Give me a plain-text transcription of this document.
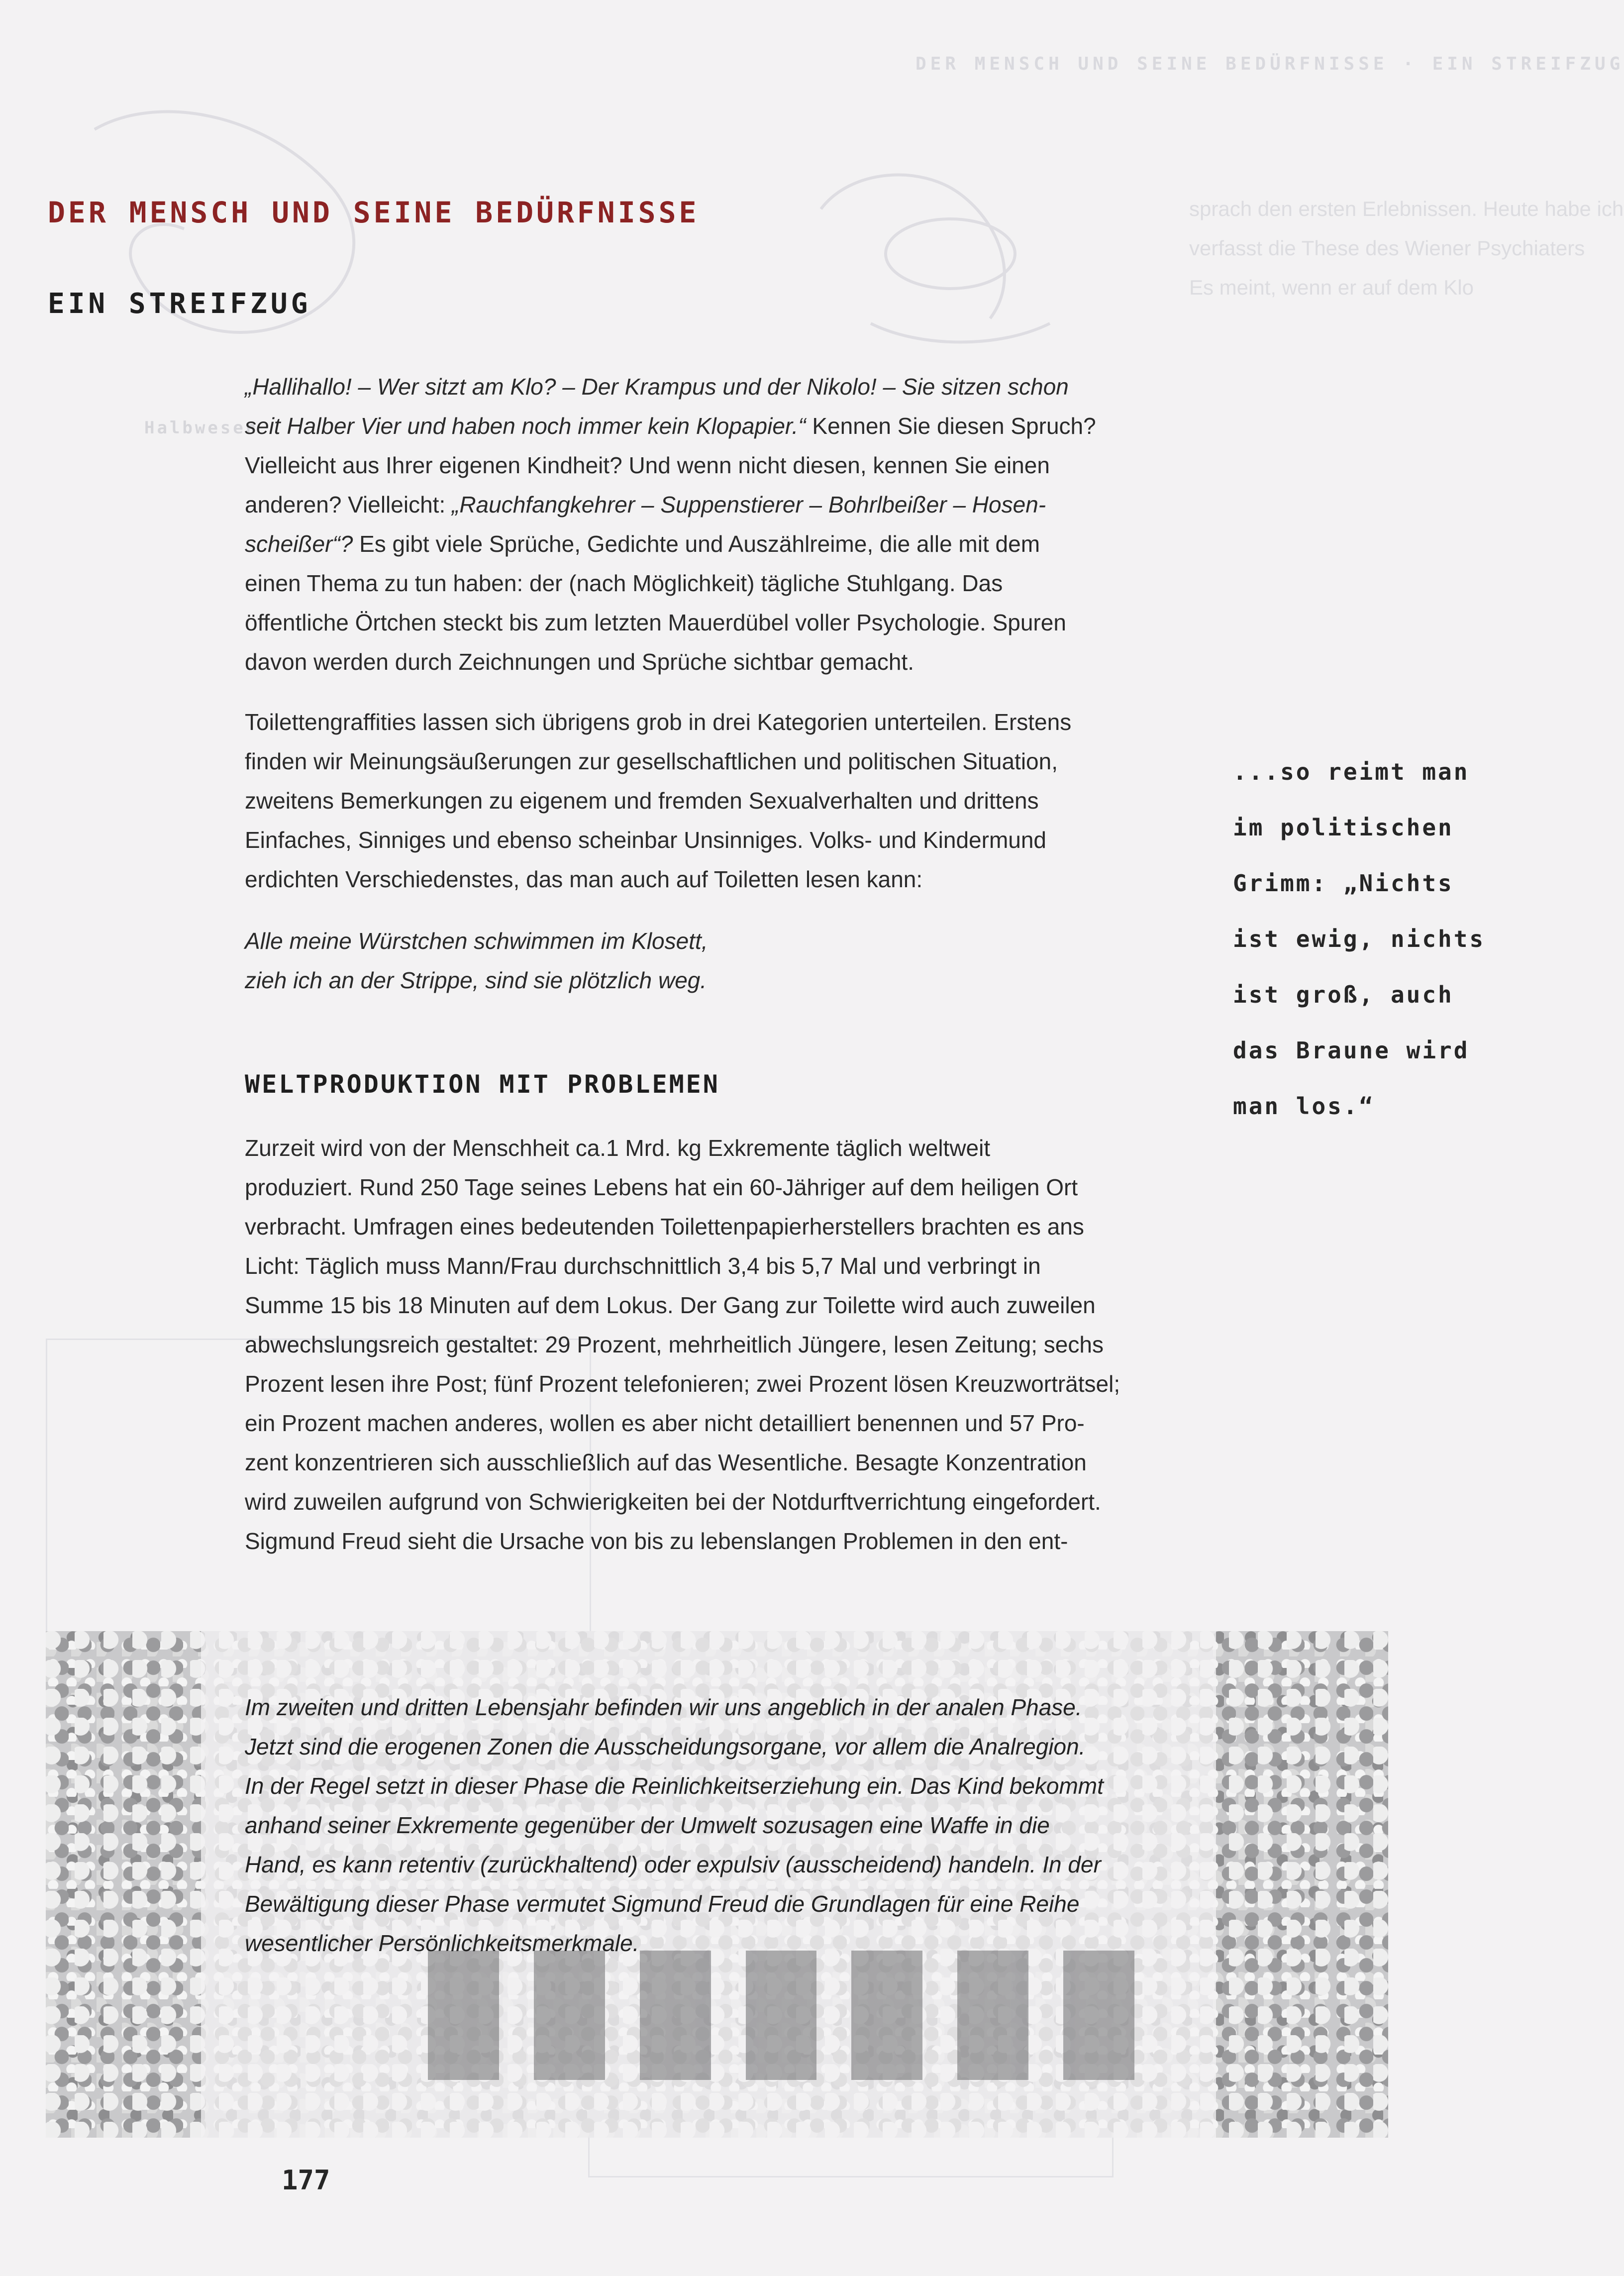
DER MENSCH UND SEINE BEDÜRFNISSE · EIN STREIFZUG
sprach den ersten Erlebnissen. Heute habe ich
verfasst die These des Wiener Psychiaters
Es meint, wenn er auf dem Klo
Halbwesen
DER MENSCH UND SEINE BEDÜRFNISSE
EIN STREIFZUG
„Hallihallo! – Wer sitzt am Klo? – Der Krampus und der Nikolo! – Sie sitzen schon
seit Halber Vier und haben noch immer kein Klopapier.“ Kennen Sie diesen Spruch?
Vielleicht aus Ihrer eigenen Kindheit? Und wenn nicht diesen, kennen Sie einen
anderen? Vielleicht: „Rauchfangkehrer – Suppenstierer – Bohrlbeißer – Hosen-
scheißer“? Es gibt viele Sprüche, Gedichte und Auszählreime, die alle mit dem
einen Thema zu tun haben: der (nach Möglichkeit) tägliche Stuhlgang. Das
öffentliche Örtchen steckt bis zum letzten Mauerdübel voller Psychologie. Spuren
davon werden durch Zeichnungen und Sprüche sichtbar gemacht.
Toilettengraffities lassen sich übrigens grob in drei Kategorien unterteilen. Erstens
finden wir Meinungsäußerungen zur gesellschaftlichen und politischen Situation,
zweitens Bemerkungen zu eigenem und fremden Sexualverhalten und drittens
Einfaches, Sinniges und ebenso scheinbar Unsinniges. Volks- und Kindermund
erdichten Verschiedenstes, das man auch auf Toiletten lesen kann:
Alle meine Würstchen schwimmen im Klosett,
zieh ich an der Strippe, sind sie plötzlich weg.
WELTPRODUKTION MIT PROBLEMEN
Zurzeit wird von der Menschheit ca.1 Mrd. kg Exkremente täglich weltweit
produziert. Rund 250 Tage seines Lebens hat ein 60-Jähriger auf dem heiligen Ort
verbracht. Umfragen eines bedeutenden Toilettenpapierherstellers brachten es ans
Licht: Täglich muss Mann/Frau durchschnittlich 3,4 bis 5,7 Mal und verbringt in
Summe 15 bis 18 Minuten auf dem Lokus. Der Gang zur Toilette wird auch zuweilen
abwechslungsreich gestaltet: 29 Prozent, mehrheitlich Jüngere, lesen Zeitung; sechs
Prozent lesen ihre Post; fünf Prozent telefonieren; zwei Prozent lösen Kreuzworträtsel;
ein Prozent machen anderes, wollen es aber nicht detailliert benennen und 57 Pro-
zent konzentrieren sich ausschließlich auf das Wesentliche. Besagte Konzentration
wird zuweilen aufgrund von Schwierigkeiten bei der Notdurftverrichtung eingefordert.
Sigmund Freud sieht die Ursache von bis zu lebenslangen Problemen in den ent-
Im zweiten und dritten Lebensjahr befinden wir uns angeblich in der analen Phase.
Jetzt sind die erogenen Zonen die Ausscheidungsorgane, vor allem die Analregion.
In der Regel setzt in dieser Phase die Reinlichkeitserziehung ein. Das Kind bekommt
anhand seiner Exkremente gegenüber der Umwelt sozusagen eine Waffe in die
Hand, es kann retentiv (zurückhaltend) oder expulsiv (ausscheidend) handeln. In der
Bewältigung dieser Phase vermutet Sigmund Freud die Grundlagen für eine Reihe
wesentlicher Persönlichkeitsmerkmale.
...so reimt man
im politischen
Grimm: „Nichts
ist ewig, nichts
ist groß, auch
das Braune wird
man los.“
177
